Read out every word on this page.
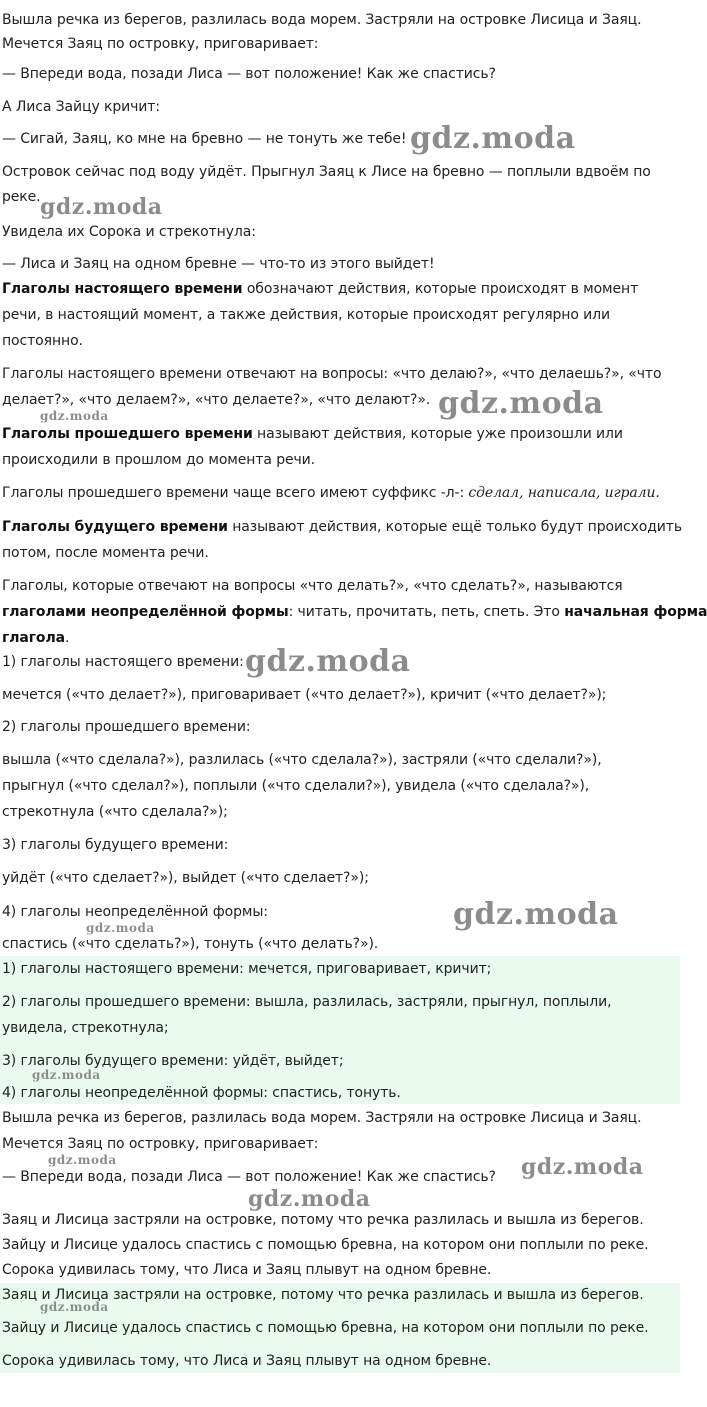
Вышла речка из берегов, разлилась вода морем. Застряли на островке Лисица и Заяц.
Мечется Заяц по островку, приговаривает:
— Впереди вода, позади Лиса — вот положение! Как же спастись?
А Лиса Зайцу кричит:
— Сигай, Заяц, ко мне на бревно — не тонуть же тебе!
Островок сейчас под воду уйдёт. Прыгнул Заяц к Лисе на бревно — поплыли вдвоём по
реке.
Увидела их Сорока и стрекотнула:
— Лиса и Заяц на одном бревне — что-то из этого выйдет!
Глаголы настоящего времени обозначают действия, которые происходят в момент
речи, в настоящий момент, а также действия, которые происходят регулярно или
постоянно.
Глаголы настоящего времени отвечают на вопросы: «что делаю?», «что делаешь?», «что
делает?», «что делаем?», «что делаете?», «что делают?».
Глаголы прошедшего времени называют действия, которые уже произошли или
происходили в прошлом до момента речи.
Глаголы прошедшего времени чаще всего имеют суффикс -л-: сделал, написала, играли.
Глаголы будущего времени называют действия, которые ещё только будут происходить
потом, после момента речи.
Глаголы, которые отвечают на вопросы «что делать?», «что сделать?», называются
глаголами неопределённой формы: читать, прочитать, петь, спеть. Это начальная форма
глагола.
1) глаголы настоящего времени:
мечется («что делает?»), приговаривает («что делает?»), кричит («что делает?»);
2) глаголы прошедшего времени:
вышла («что сделала?»), разлилась («что сделала?»), застряли («что сделали?»),
прыгнул («что сделал?»), поплыли («что сделали?»), увидела («что сделала?»),
стрекотнула («что сделала?»);
3) глаголы будущего времени:
уйдёт («что сделает?»), выйдет («что сделает?»);
4) глаголы неопределённой формы:
спастись («что сделать?»), тонуть («что делать?»).
1) глаголы настоящего времени: мечется, приговаривает, кричит;
2) глаголы прошедшего времени: вышла, разлилась, застряли, прыгнул, поплыли,
увидела, стрекотнула;
3) глаголы будущего времени: уйдёт, выйдет;
4) глаголы неопределённой формы: спастись, тонуть.
Вышла речка из берегов, разлилась вода морем. Застряли на островке Лисица и Заяц.
Мечется Заяц по островку, приговаривает:
— Впереди вода, позади Лиса — вот положение! Как же спастись?
Заяц и Лисица застряли на островке, потому что речка разлилась и вышла из берегов.
Зайцу и Лисице удалось спастись с помощью бревна, на котором они поплыли по реке.
Сорока удивилась тому, что Лиса и Заяц плывут на одном бревне.
Заяц и Лисица застряли на островке, потому что речка разлилась и вышла из берегов.
Зайцу и Лисице удалось спастись с помощью бревна, на котором они поплыли по реке.
Сорока удивилась тому, что Лиса и Заяц плывут на одном бревне.
gdz.moda
gdz.moda
gdz.moda	gdz.moda
gdz.moda
gdz.moda
gdz.moda
gdz.moda
gdz.moda	gdz.moda
gdz.moda
gdz.moda
